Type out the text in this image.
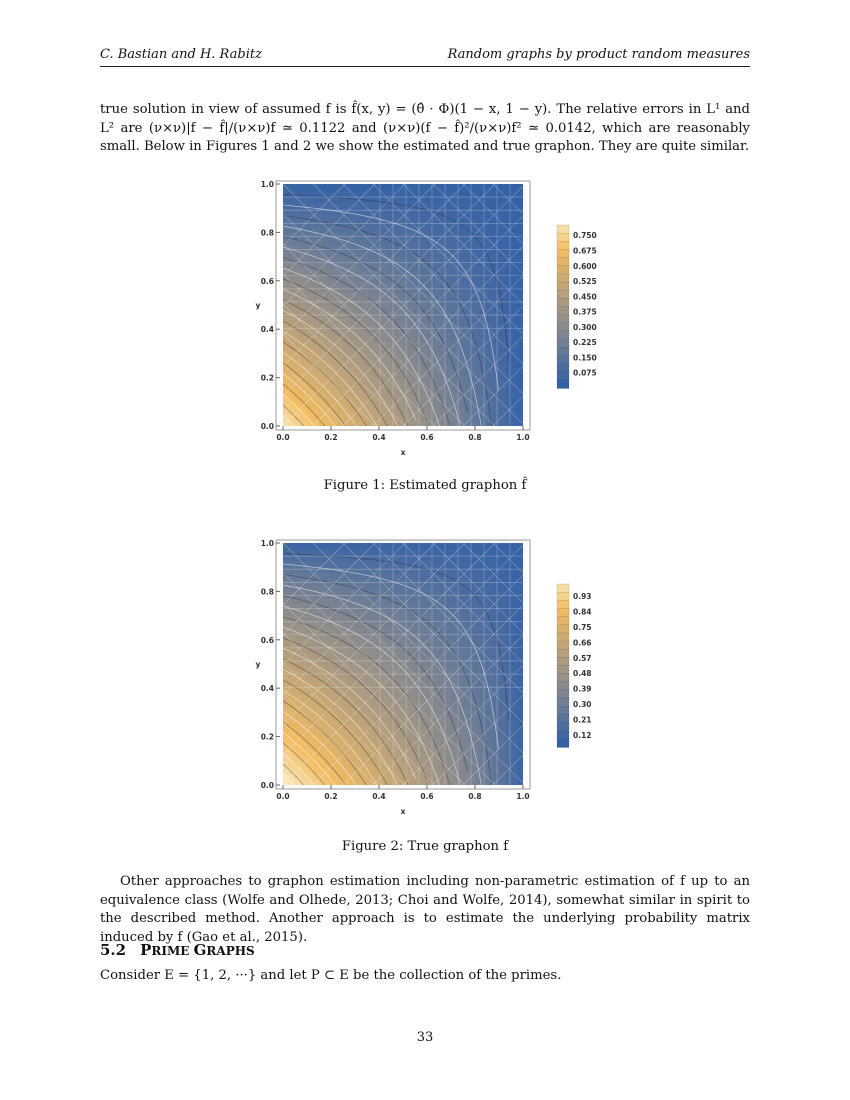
C. Bastian and H. Rabitz	Random graphs by product random measures
true solution in view of assumed f is f̂(x, y) = (θ̂ · Φ)(1 − x, 1 − y). The relative errors in L¹ and L² are (ν×ν)|f − f̂|/(ν×ν)f ≃ 0.1122 and (ν×ν)(f − f̂)²/(ν×ν)f² ≃ 0.0142, which are reasonably small. Below in Figures 1 and 2 we show the estimated and true graphon. They are quite similar.
0.0	0.2	0.4	0.6	0.8	1.0
0.0
0.2
0.4
0.6
0.8
1.0
x
y
0.750
0.675
0.600
0.525
0.450
0.375
0.300
0.225
0.150
0.075
Figure 1: Estimated graphon f̂
0.0	0.2	0.4	0.6	0.8	1.0
0.0
0.2
0.4
0.6
0.8
1.0
x
y
0.93
0.84
0.75
0.66
0.57
0.48
0.39
0.30
0.21
0.12
Figure 2: True graphon f
Other approaches to graphon estimation including non-parametric estimation of f up to an equivalence class (Wolfe and Olhede, 2013; Choi and Wolfe, 2014), somewhat similar in spirit to the described method. Another approach is to estimate the underlying probability matrix induced by f (Gao et al., 2015).
5.2 PRIME GRAPHS
Consider E = {1, 2, ···} and let P ⊂ E be the collection of the primes.
33
